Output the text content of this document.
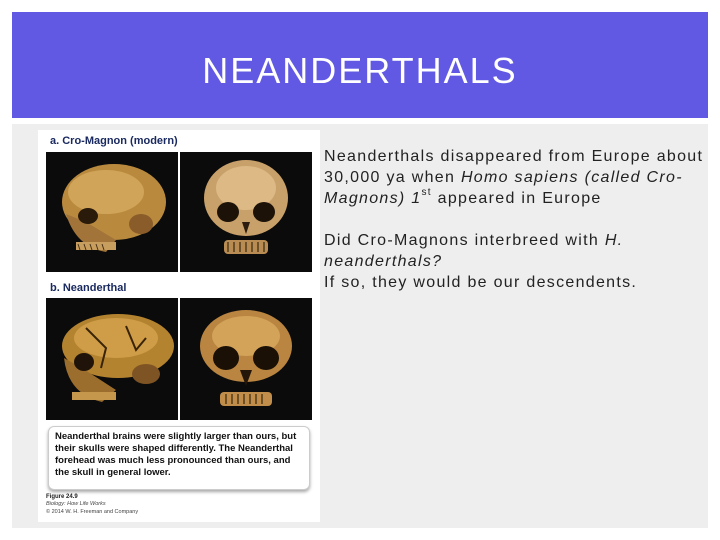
NEANDERTHALS
a. Cro-Magnon (modern)
b. Neanderthal
Neanderthal brains were slightly larger than ours, but their skulls were shaped differently. The Neanderthal forehead was much less pronounced than ours, and the skull in general lower.
Figure 24.9
Biology: How Life Works
© 2014 W. H. Freeman and Company

Neanderthals disappeared from Europe about 30,000 ya when Homo sapiens (called Cro-Magnons) 1st appeared in Europe

Did Cro-Magnons interbreed with H. neanderthals?
If so, they would be our descendents.
